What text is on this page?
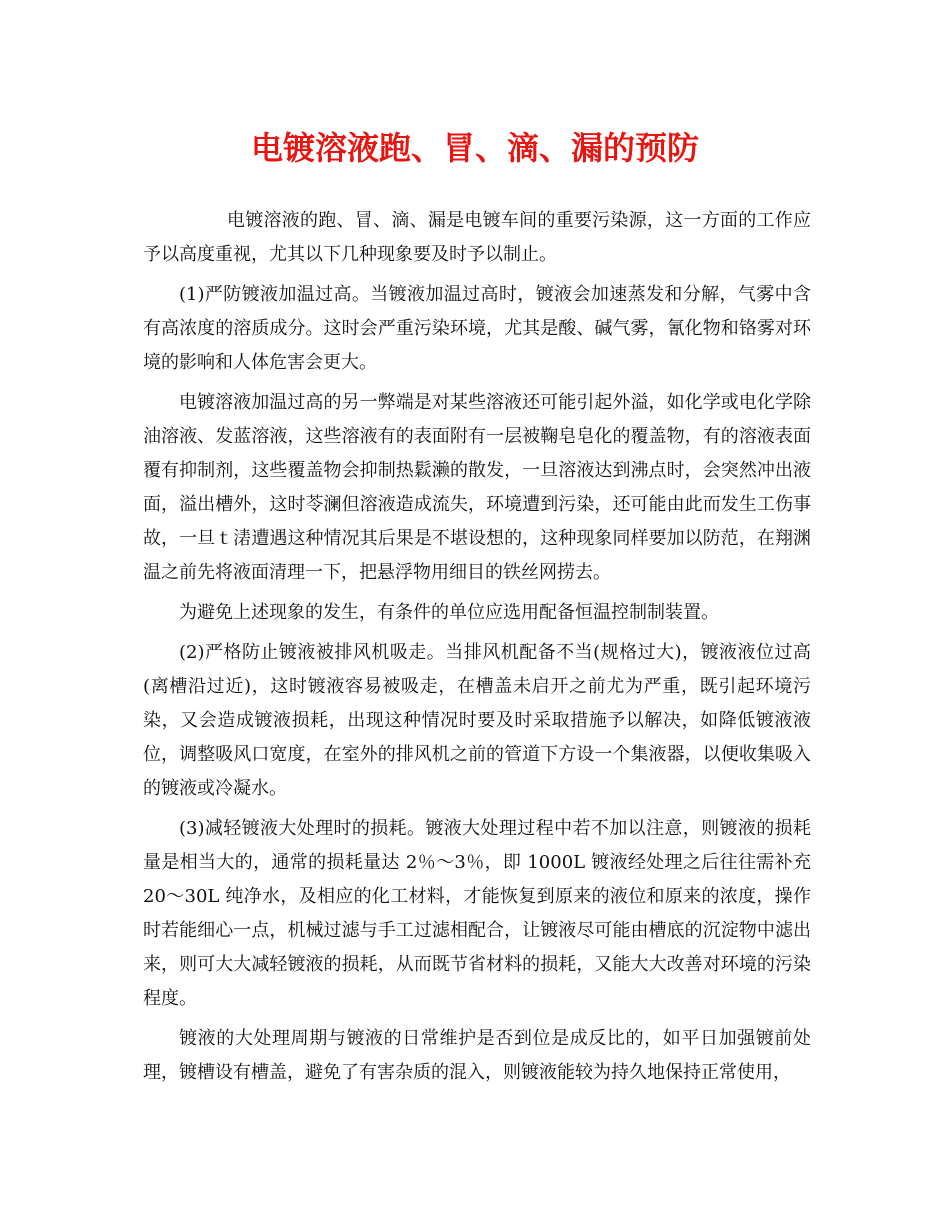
电镀溶液跑、冒、滴、漏的预防

电镀溶液的跑、冒、滴、漏是电镀车间的重要污染源，这一方面的工作应予以高度重视，尤其以下几种现象要及时予以制止。

(1)严防镀液加温过高。当镀液加温过高时，镀液会加速蒸发和分解，气雾中含有高浓度的溶质成分。这时会严重污染环境，尤其是酸、碱气雾，氰化物和铬雾对环境的影响和人体危害会更大。

电镀溶液加温过高的另一弊端是对某些溶液还可能引起外溢，如化学或电化学除油溶液、发蓝溶液，这些溶液有的表面附有一层被鞠皂皂化的覆盖物，有的溶液表面覆有抑制剂，这些覆盖物会抑制热鬏濑的散发，一旦溶液达到沸点时，会突然冲出液面，溢出槽外，这时苓澜但溶液造成流失，环境遭到污染，还可能由此而发生工伤事故，一旦ｔ湱遭遇这种情况其后果是不堪设想的，这种现象同样要加以防范，在翔渊温之前先将液面清理一下，把悬浮物用细目的铁丝网捞去。

为避免上述现象的发生，有条件的单位应选用配备恒温控制制装置。

(2)严格防止镀液被排风机吸走。当排风机配备不当(规格过大)，镀液液位过高(离槽沿过近)，这时镀液容易被吸走，在槽盖未启开之前尤为严重，既引起环境污染，又会造成镀液损耗，出现这种情况时要及时采取措施予以解决，如降低镀液液位，调整吸风口宽度，在室外的排风机之前的管道下方设一个集液器，以便收集吸入的镀液或冷凝水。

(3)减轻镀液大处理时的损耗。镀液大处理过程中若不加以注意，则镀液的损耗量是相当大的，通常的损耗量达 2％～3％，即 1000L 镀液经处理之后往往需补充 20～30L 纯净水，及相应的化工材料，才能恢复到原来的液位和原来的浓度，操作时若能细心一点，机械过滤与手工过滤相配合，让镀液尽可能由槽底的沉淀物中滤出来，则可大大减轻镀液的损耗，从而既节省材料的损耗，又能大大改善对环境的污染程度。

镀液的大处理周期与镀液的日常维护是否到位是成反比的，如平日加强镀前处理，镀槽设有槽盖，避免了有害杂质的混入，则镀液能较为持久地保持正常使用，
